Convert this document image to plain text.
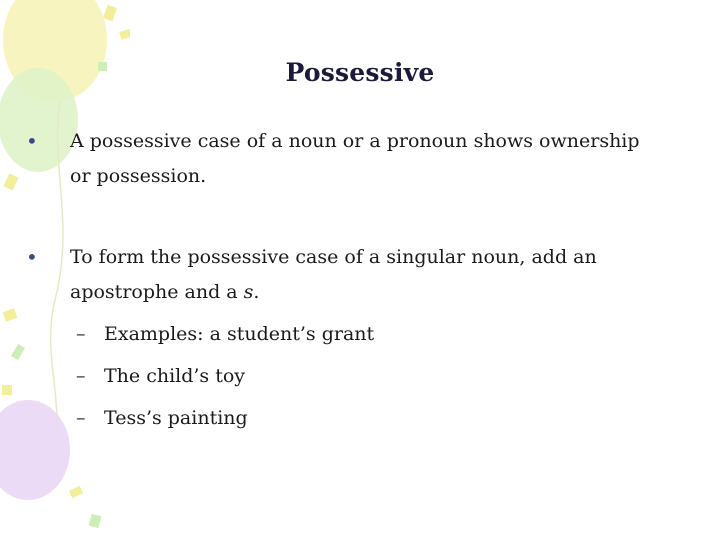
Possessive
• A possessive case of a noun or a pronoun shows ownership or possession.
• To form the possessive case of a singular noun, add an apostrophe and a s.
– Examples: a student’s grant
– The child’s toy
– Tess’s painting
